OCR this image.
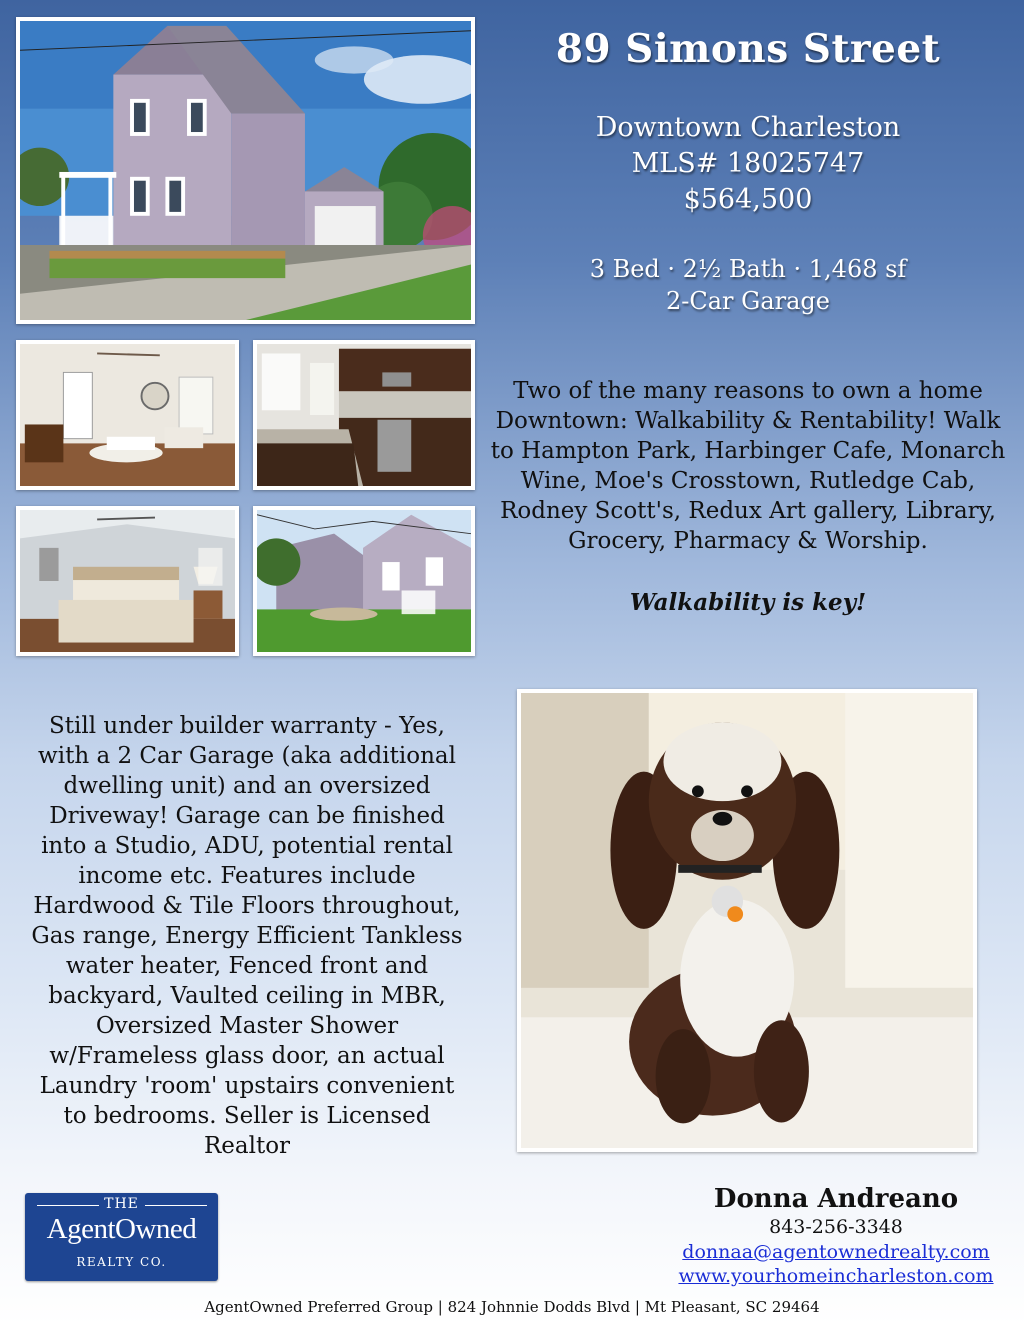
89 Simons Street
Downtown Charleston
MLS# 18025747
$564,500
3 Bed · 2½ Bath · 1,468 sf
2-Car Garage
Two of the many reasons to own a home Downtown: Walkability & Rentability! Walk to Hampton Park, Harbinger Cafe, Monarch Wine, Moe's Crosstown, Rutledge Cab, Rodney Scott's, Redux Art gallery, Library, Grocery, Pharmacy & Worship.
Walkability is key!
Still under builder warranty - Yes, with a 2 Car Garage (aka additional dwelling unit) and an oversized Driveway! Garage can be finished into a Studio, ADU, potential rental income etc. Features include Hardwood & Tile Floors throughout, Gas range, Energy Efficient Tankless water heater, Fenced front and backyard, Vaulted ceiling in MBR, Oversized Master Shower w/Frameless glass door, an actual Laundry 'room' upstairs convenient to bedrooms. Seller is Licensed Realtor
THE
AgentOwned
REALTY CO.
Donna Andreano
843-256-3348
donnaa@agentownedrealty.com
www.yourhomeincharleston.com
AgentOwned Preferred Group | 824 Johnnie Dodds Blvd | Mt Pleasant, SC 29464
